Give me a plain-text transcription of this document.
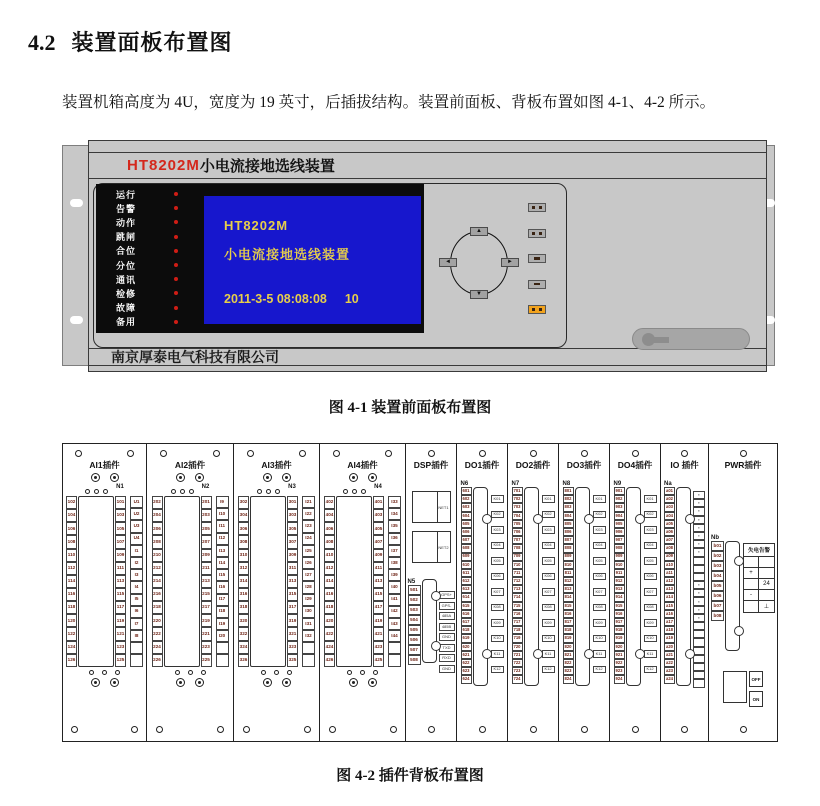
4.2 装置面板布置图
装置机箱高度为 4U，宽度为 19 英寸，后插拔结构。装置前面板、背板布置如图 4-1、4-2 所示。
HT8202M 小电流接地选线装置
运行
告警
动作
跳闸
合位
分位
通讯
检修
故障
备用
HT8202M
小电流接地选线装置
2011-3-5 08:08:08 10
▲
▼
◄	►
南京厚泰电气科技有限公司
图 4-1 装置前面板布置图
AI1插件
N1
102
104
106
108
110
112
114
116
118
120
122
124
126
101
103
105
107
109
111
113
115
117
119
121
123
125
U1
U2
U3
U4
I1
I2
I3
I4
I5
I6
I7
I8
AI2插件
N2
202
204
206
208
210
212
214
216
218
220
222
224
226
201
203
205
207
209
211
213
215
217
219
221
223
225
I9
I10
I11
I12
I13
I14
I15
I16
I17
I18
I19
I20
AI3插件
N3
302
304
306
308
310
312
314
316
318
320
322
324
326
301
303
305
307
309
311
313
315
317
319
321
323
325
I21
I22
I23
I24
I25
I26
I27
I28
I29
I30
I31
I32
AI4插件
N4
402
404
406
408
410
412
414
416
418
420
422
424
426
401
403
405
407
409
411
413
415
417
419
421
423
425
I33
I34
I35
I36
I37
I38
I39
I40
I41
I42
I43
I44
DSP插件
NET1
NET2
N5
501
502
503
504
505
506
507
508
GPS+
GPS-
485A
485B
GND
TXD
RXD
GND
DO1插件
N6
601
602
603
604
605
606
607
608
609
610
611
612
613
614
615
616
617
618
619
620
621
622
623
624
K01
K02
K03
K04
K05
K06
K07
K08
K09
K10
K11
K12
DO2插件
N7
701
702
703
704
705
706
707
708
709
710
711
712
713
714
715
716
717
718
719
720
721
722
723
724
K01
K02
K03
K04
K05
K06
K07
K08
K09
K10
K11
K12
DO3插件
N8
801
802
803
804
805
806
807
808
809
810
811
812
813
814
815
816
817
818
819
820
821
822
823
824
K01
K02
K03
K04
K05
K06
K07
K08
K09
K10
K11
K12
DO4插件
N9
901
902
903
904
905
906
907
908
909
910
911
912
913
914
915
916
917
918
919
920
921
922
923
924
K01
K02
K03
K04
K05
K06
K07
K08
K09
K10
K11
K12
IO 插件
Na
a01
a02
a03
a04
a05
a06
a07
a08
a09
a10
a11
a12
a13
a14
a15
a16
a17
a18
a19
a20
a21
a22
a23
a24
▪
▪
▪
▪
▪
▪
▪
▪
▪
▪
▪
▪
▪
PWR插件
Nb
b01
b02
b03
b04
b05
b06
b07
b08
失电告警
+
24
-
⊥
OFF
ON
图 4-2 插件背板布置图
